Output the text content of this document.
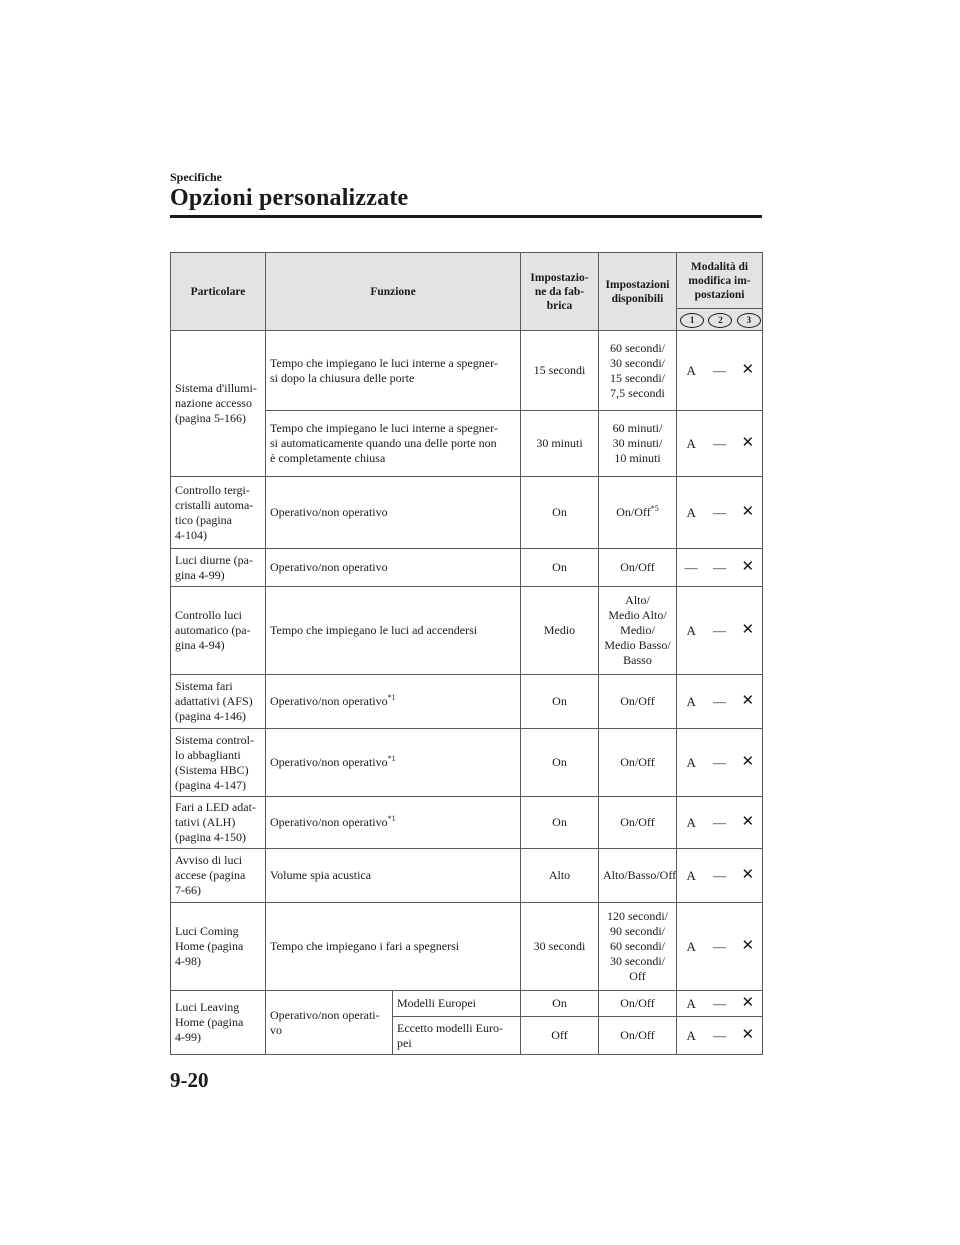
Specifiche
Opzioni personalizzate
Particolare	Funzione		Impostazio-
ne da fab-
brica	Impostazioni
disponibili	Modalità di
modifica im-
postazioni

					1 2 3

Sistema d'illumi-
nazione accesso
(pagina 5-166)	Tempo che impiegano le luci interne a spegner-
si dopo la chiusura delle porte		15 secondi	60 secondi/
30 secondi/
15 secondi/
7,5 secondi	A — ✕

	Tempo che impiegano le luci interne a spegner-
si automaticamente quando una delle porte non
è completamente chiusa		30 minuti	60 minuti/
30 minuti/
10 minuti	A — ✕

Controllo tergi-
cristalli automa-
tico (pagina
4-104)	Operativo/non operativo		On	On/Off$^{*5}$	A — ✕

Luci diurne (pa-
gina 4-99)	Operativo/non operativo		On	On/Off	— — ✕

Controllo luci
automatico (pa-
gina 4-94)	Tempo che impiegano le luci ad accendersi		Medio	Alto/
Medio Alto/
Medio/
Medio Basso/
Basso	A — ✕

Sistema fari
adattativi (AFS)
(pagina 4-146)	Operativo/non operativo$^{*1}$		On	On/Off	A — ✕

Sistema control-
lo abbaglianti
(Sistema HBC)
(pagina 4-147)	Operativo/non operativo$^{*1}$		On	On/Off	A — ✕

Fari a LED adat-
tativi (ALH)
(pagina 4-150)	Operativo/non operativo$^{*1}$		On	On/Off	A — ✕

Avviso di luci
accese (pagina
7-66)	Volume spia acustica		Alto	Alto/Basso/Off	A — ✕

Luci Coming
Home (pagina
4-98)	Tempo che impiegano i fari a spegnersi		30 secondi	120 secondi/
90 secondi/
60 secondi/
30 secondi/
Off	A — ✕

Luci Leaving
Home (pagina
4-99)	Operativo/non operati-
vo	Modelli Europei	On	On/Off	A — ✕

		Eccetto modelli Euro-
pei	Off	On/Off	A — ✕
9-20
